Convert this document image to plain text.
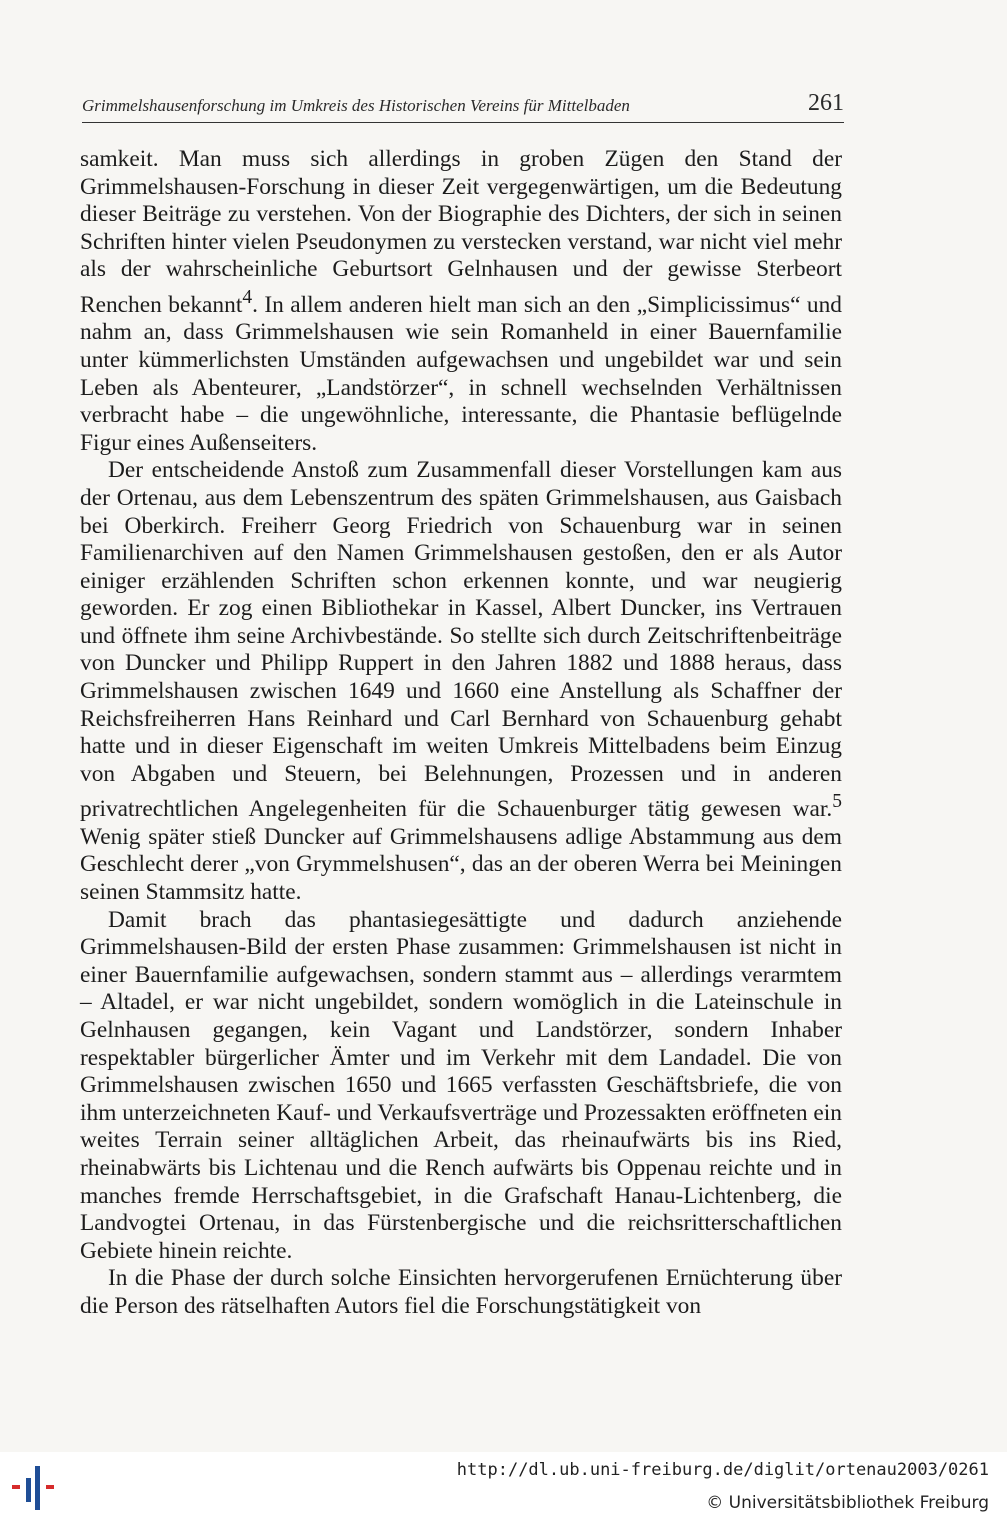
Grimmelshausenforschung im Umkreis des Historischen Vereins für Mittelbaden	261

samkeit. Man muss sich allerdings in groben Zügen den Stand der Grimmelshausen-Forschung in dieser Zeit vergegenwärtigen, um die Bedeutung dieser Beiträge zu verstehen. Von der Biographie des Dichters, der sich in seinen Schriften hinter vielen Pseudonymen zu verstecken verstand, war nicht viel mehr als der wahrscheinliche Geburtsort Gelnhausen und der gewisse Sterbeort Renchen bekannt$^4$. In allem anderen hielt man sich an den „Simplicissimus“ und nahm an, dass Grimmelshausen wie sein Romanheld in einer Bauernfamilie unter kümmerlichsten Umständen aufgewachsen und ungebildet war und sein Leben als Abenteurer, „Landstörzer“, in schnell wechselnden Verhältnissen verbracht habe – die ungewöhnliche, interessante, die Phantasie beflügelnde Figur eines Außenseiters.

Der entscheidende Anstoß zum Zusammenfall dieser Vorstellungen kam aus der Ortenau, aus dem Lebenszentrum des späten Grimmelshausen, aus Gaisbach bei Oberkirch. Freiherr Georg Friedrich von Schauenburg war in seinen Familienarchiven auf den Namen Grimmelshausen gestoßen, den er als Autor einiger erzählenden Schriften schon erkennen konnte, und war neugierig geworden. Er zog einen Bibliothekar in Kassel, Albert Duncker, ins Vertrauen und öffnete ihm seine Archivbestände. So stellte sich durch Zeitschriftenbeiträge von Duncker und Philipp Ruppert in den Jahren 1882 und 1888 heraus, dass Grimmelshausen zwischen 1649 und 1660 eine Anstellung als Schaffner der Reichsfreiherren Hans Reinhard und Carl Bernhard von Schauenburg gehabt hatte und in dieser Eigenschaft im weiten Umkreis Mittelbadens beim Einzug von Abgaben und Steuern, bei Belehnungen, Prozessen und in anderen privatrechtlichen Angelegenheiten für die Schauenburger tätig gewesen war.$^5$ Wenig später stieß Duncker auf Grimmelshausens adlige Abstammung aus dem Geschlecht derer „von Grymmelshusen“, das an der oberen Werra bei Meiningen seinen Stammsitz hatte.

Damit brach das phantasiegesättigte und dadurch anziehende Grimmelshausen-Bild der ersten Phase zusammen: Grimmelshausen ist nicht in einer Bauernfamilie aufgewachsen, sondern stammt aus – allerdings verarmtem – Altadel, er war nicht ungebildet, sondern womöglich in die Lateinschule in Gelnhausen gegangen, kein Vagant und Landstörzer, sondern Inhaber respektabler bürgerlicher Ämter und im Verkehr mit dem Landadel. Die von Grimmelshausen zwischen 1650 und 1665 verfassten Geschäftsbriefe, die von ihm unterzeichneten Kauf- und Verkaufsverträge und Prozessakten eröffneten ein weites Terrain seiner alltäglichen Arbeit, das rheinaufwärts bis ins Ried, rheinabwärts bis Lichtenau und die Rench aufwärts bis Oppenau reichte und in manches fremde Herrschaftsgebiet, in die Grafschaft Hanau-Lichtenberg, die Landvogtei Ortenau, in das Fürstenbergische und die reichsritterschaftlichen Gebiete hinein reichte.

In die Phase der durch solche Einsichten hervorgerufenen Ernüchterung über die Person des rätselhaften Autors fiel die Forschungstätigkeit von

http://dl.ub.uni-freiburg.de/diglit/ortenau2003/0261
© Universitätsbibliothek Freiburg
